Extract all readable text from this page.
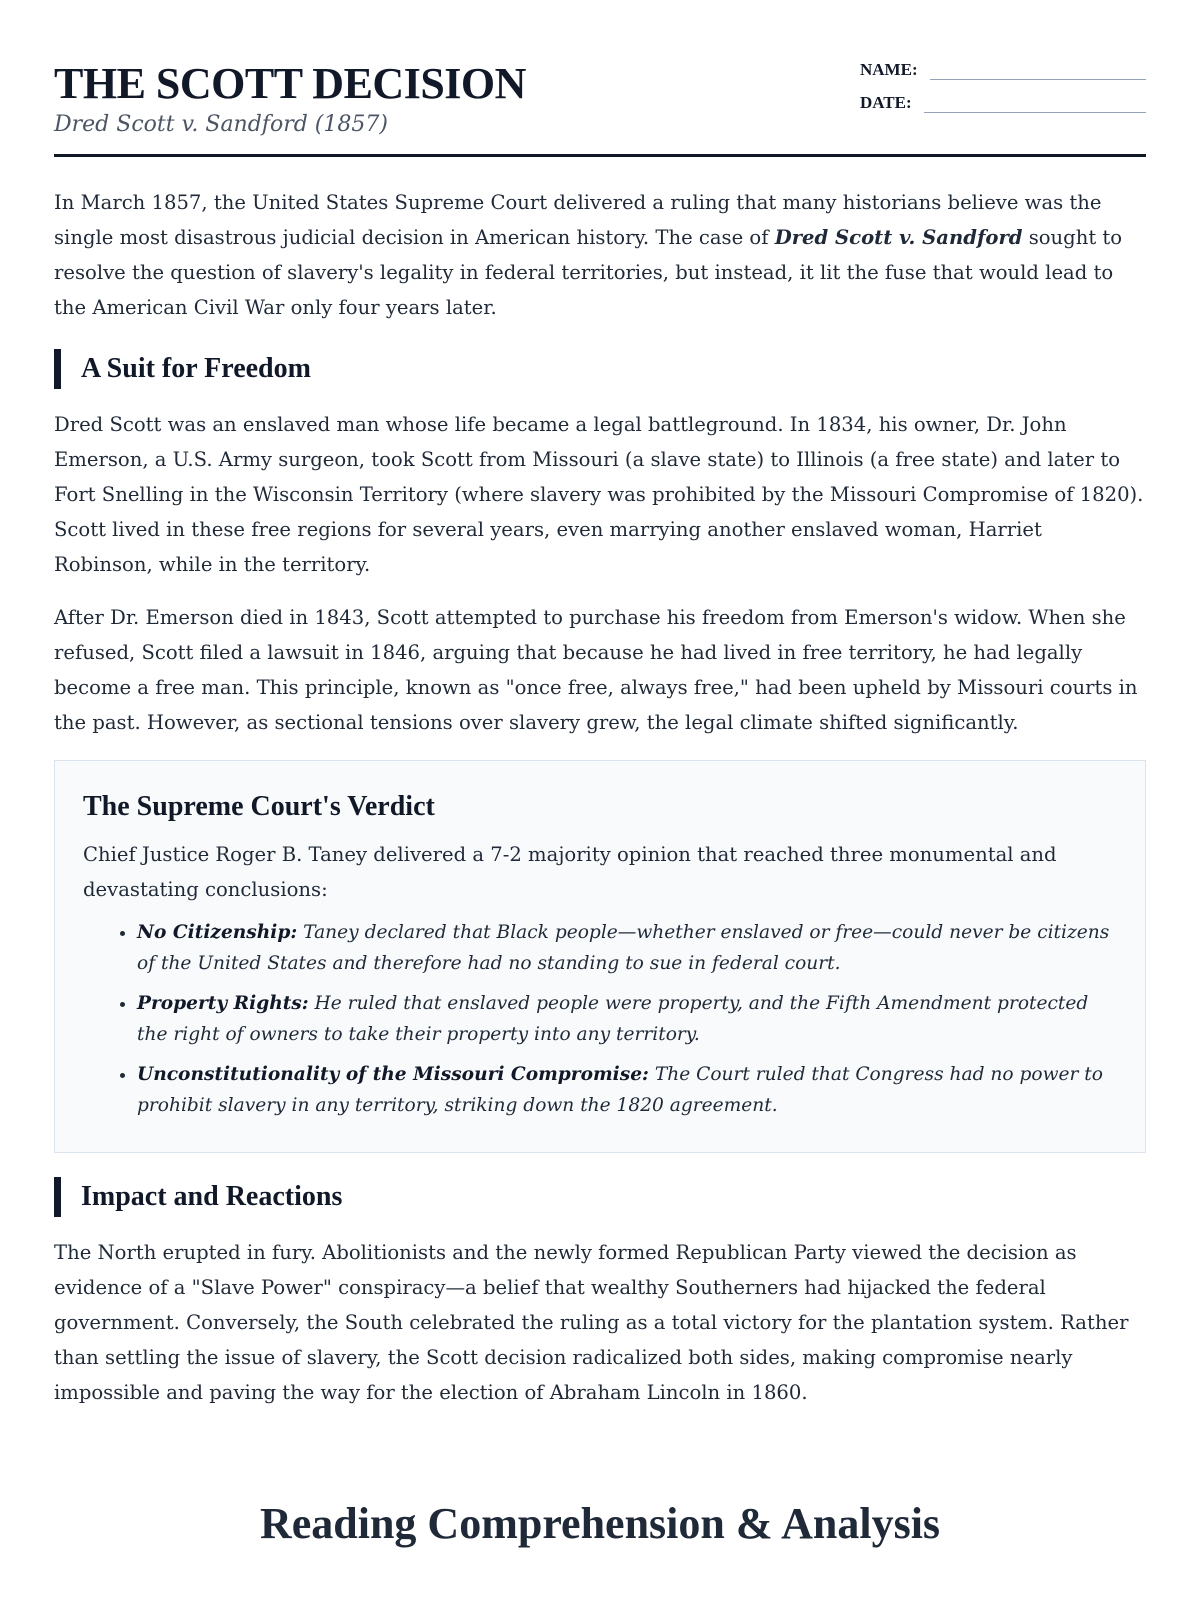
THE SCOTT DECISION
Dred Scott v. Sandford (1857)
NAME:
DATE:

In March 1857, the United States Supreme Court delivered a ruling that many historians believe was the single most disastrous judicial decision in American history. The case of Dred Scott v. Sandford sought to resolve the question of slavery's legality in federal territories, but instead, it lit the fuse that would lead to the American Civil War only four years later.

A Suit for Freedom

Dred Scott was an enslaved man whose life became a legal battleground. In 1834, his owner, Dr. John Emerson, a U.S. Army surgeon, took Scott from Missouri (a slave state) to Illinois (a free state) and later to Fort Snelling in the Wisconsin Territory (where slavery was prohibited by the Missouri Compromise of 1820). Scott lived in these free regions for several years, even marrying another enslaved woman, Harriet Robinson, while in the territory.

After Dr. Emerson died in 1843, Scott attempted to purchase his freedom from Emerson's widow. When she refused, Scott filed a lawsuit in 1846, arguing that because he had lived in free territory, he had legally become a free man. This principle, known as "once free, always free," had been upheld by Missouri courts in the past. However, as sectional tensions over slavery grew, the legal climate shifted significantly.

The Supreme Court's Verdict

Chief Justice Roger B. Taney delivered a 7-2 majority opinion that reached three monumental and devastating conclusions:

• No Citizenship: Taney declared that Black people—whether enslaved or free—could never be citizens of the United States and therefore had no standing to sue in federal court.
• Property Rights: He ruled that enslaved people were property, and the Fifth Amendment protected the right of owners to take their property into any territory.
• Unconstitutionality of the Missouri Compromise: The Court ruled that Congress had no power to prohibit slavery in any territory, striking down the 1820 agreement.
Impact and Reactions

The North erupted in fury. Abolitionists and the newly formed Republican Party viewed the decision as evidence of a "Slave Power" conspiracy—a belief that wealthy Southerners had hijacked the federal government. Conversely, the South celebrated the ruling as a total victory for the plantation system. Rather than settling the issue of slavery, the Scott decision radicalized both sides, making compromise nearly impossible and paving the way for the election of Abraham Lincoln in 1860.

Reading Comprehension & Analysis
